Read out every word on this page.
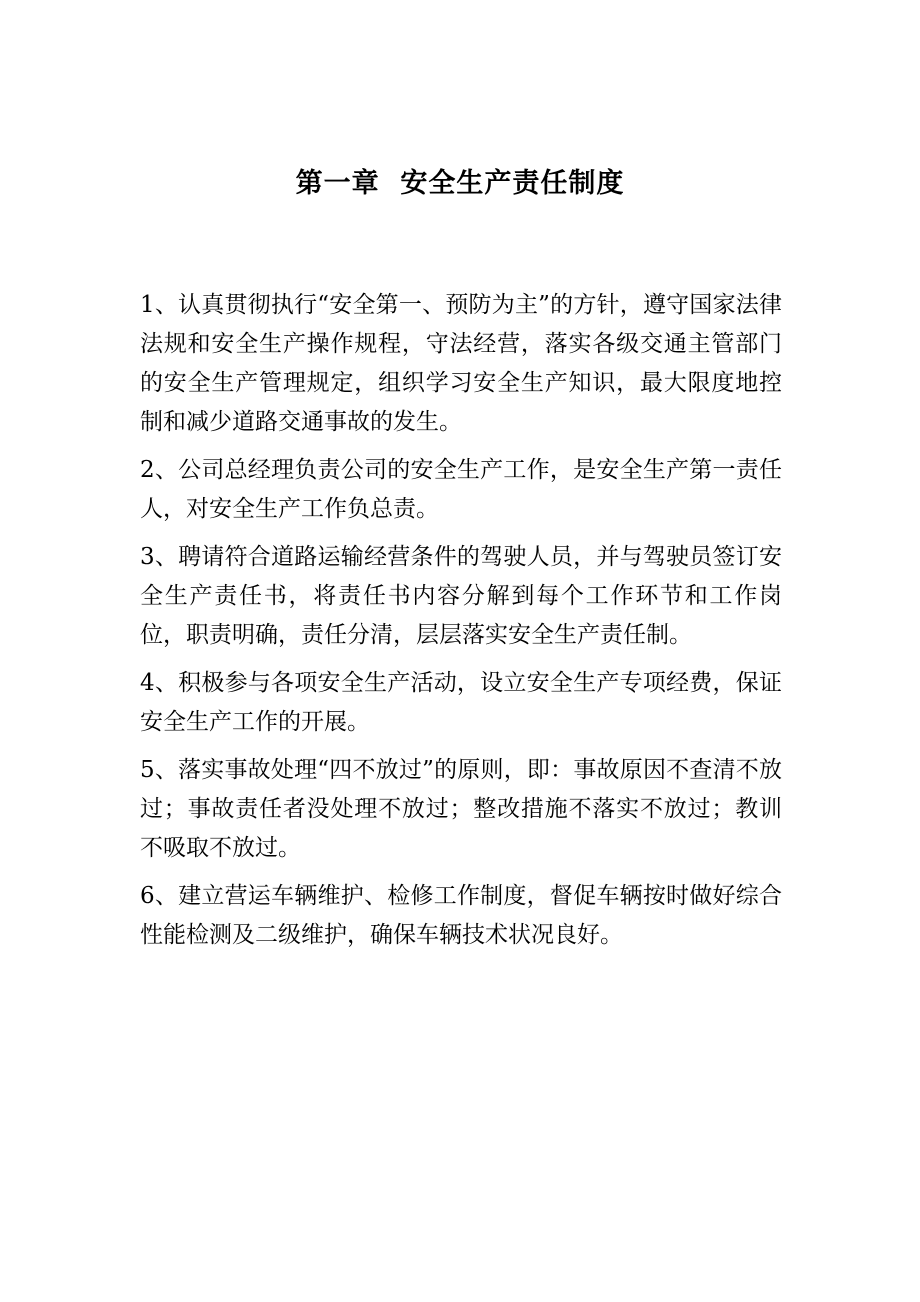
第一章  安全生产责任制度

1、认真贯彻执行“安全第一、预防为主”的方针，遵守国家法律法规和安全生产操作规程，守法经营，落实各级交通主管部门的安全生产管理规定，组织学习安全生产知识，最大限度地控制和减少道路交通事故的发生。

2、公司总经理负责公司的安全生产工作，是安全生产第一责任人，对安全生产工作负总责。

3、聘请符合道路运输经营条件的驾驶人员，并与驾驶员签订安全生产责任书，将责任书内容分解到每个工作环节和工作岗位，职责明确，责任分清，层层落实安全生产责任制。

4、积极参与各项安全生产活动，设立安全生产专项经费，保证安全生产工作的开展。

5、落实事故处理“四不放过”的原则，即：事故原因不查清不放过；事故责任者没处理不放过；整改措施不落实不放过；教训不吸取不放过。

6、建立营运车辆维护、检修工作制度，督促车辆按时做好综合性能检测及二级维护，确保车辆技术状况良好。
